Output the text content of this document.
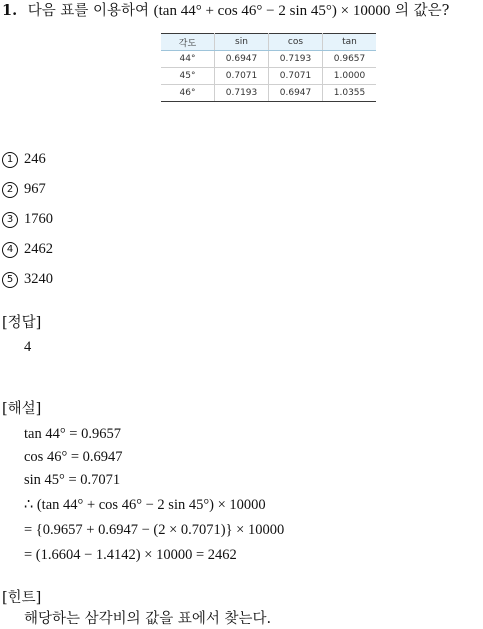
1. 다음 표를 이용하여 (tan 44° + cos 46° − 2 sin 45°) × 10000 의 값은?
각도	sin	cos	tan
44°	0.6947	0.7193	0.9657
45°	0.7071	0.7071	1.0000
46°	0.7193	0.6947	1.0355
1 246
2 967
3 1760
4 2462
5 3240
[정답]
4
[해설]
tan 44° = 0.9657
cos 46° = 0.6947
sin 45° = 0.7071
∴ (tan 44° + cos 46° − 2 sin 45°) × 10000
= {0.9657 + 0.6947 − (2 × 0.7071)} × 10000
= (1.6604 − 1.4142) × 10000 = 2462
[힌트]
해당하는 삼각비의 값을 표에서 찾는다.
